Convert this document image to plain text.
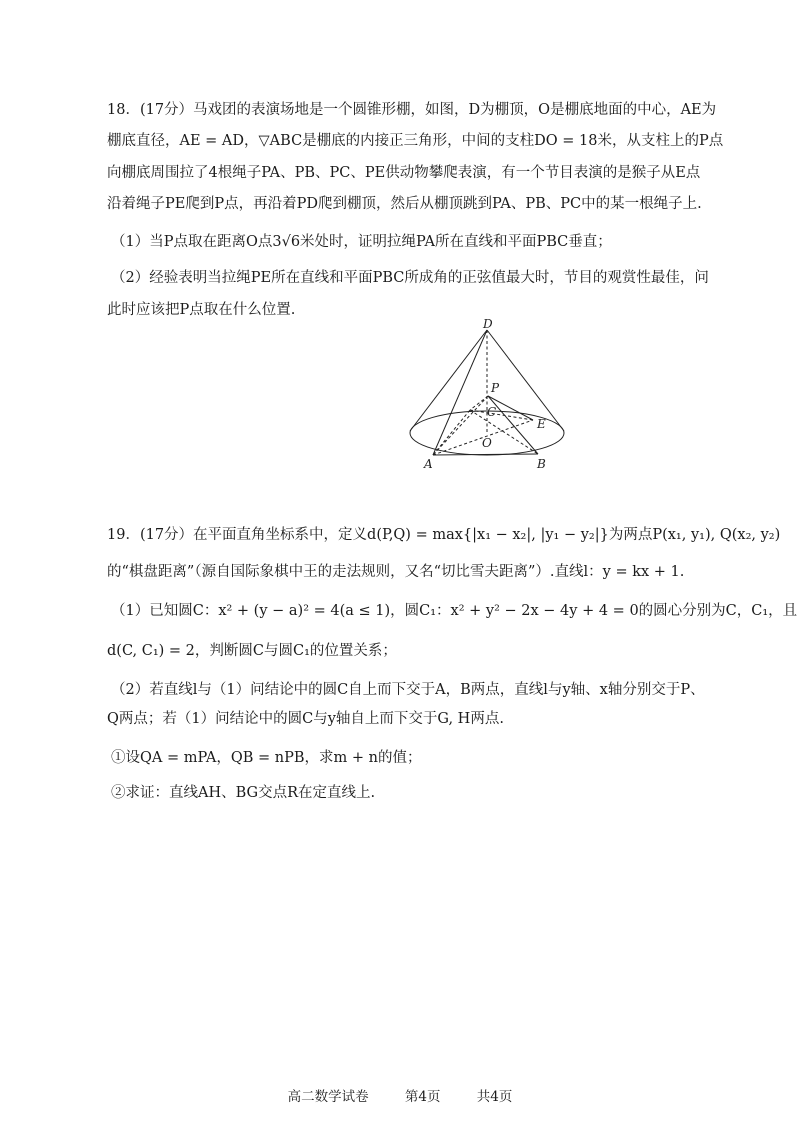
18．(17分）马戏团的表演场地是一个圆锥形棚，如图，D为棚顶，O是棚底地面的中心，AE为
棚底直径，AE = AD，▽ABC是棚底的内接正三角形，中间的支柱DO = 18米，从支柱上的P点
向棚底周围拉了4根绳子PA、PB、PC、PE供动物攀爬表演，有一个节目表演的是猴子从E点
沿着绳子PE爬到P点，再沿着PD爬到棚顶，然后从棚顶跳到PA、PB、PC中的某一根绳子上.
（1）当P点取在距离O点3√6米处时，证明拉绳PA所在直线和平面PBC垂直；
（2）经验表明当拉绳PE所在直线和平面PBC所成角的正弦值最大时，节目的观赏性最佳，问
此时应该把P点取在什么位置.
D
P
C
E
O
A	B
19．(17分）在平面直角坐标系中，定义d(P,Q) = max{|x₁ − x₂|, |y₁ − y₂|}为两点P(x₁, y₁), Q(x₂, y₂)
的“棋盘距离”（源自国际象棋中王的走法规则，又名“切比雪夫距离”）.直线l：y = kx + 1.
（1）已知圆C：x² + (y − a)² = 4(a ≤ 1)，圆C₁：x² + y² − 2x − 4y + 4 = 0的圆心分别为C，C₁，且
d(C, C₁) = 2，判断圆C与圆C₁的位置关系；
（2）若直线l与（1）问结论中的圆C自上而下交于A，B两点，直线l与y轴、x轴分别交于P、
Q两点；若（1）问结论中的圆C与y轴自上而下交于G, H两点.
①设QA = mPA，QB = nPB，求m + n的值；
②求证：直线AH、BG交点R在定直线上.
高二数学试卷	第4页	共4页
